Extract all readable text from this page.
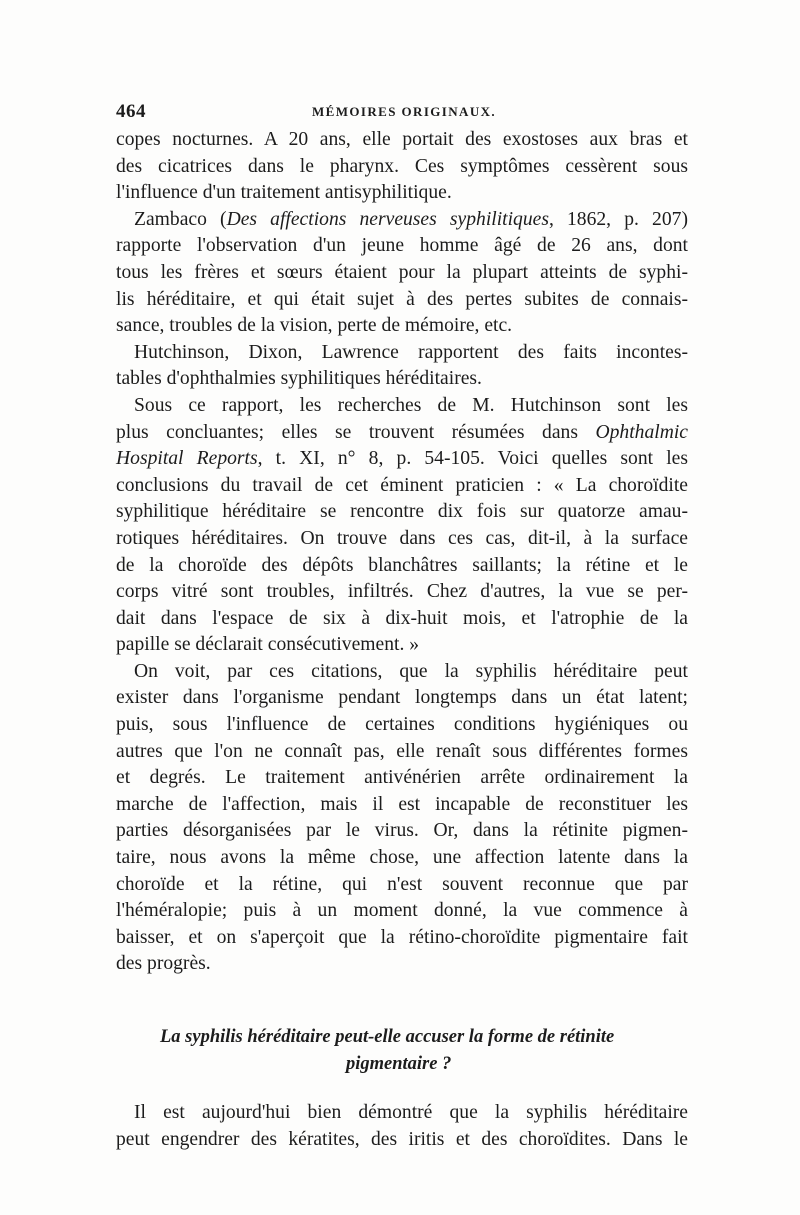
464	MÉMOIRES ORIGINAUX.
copes nocturnes. A 20 ans, elle portait des exostoses aux bras et
des cicatrices dans le pharynx. Ces symptômes cessèrent sous
l'influence d'un traitement antisyphilitique.
Zambaco (Des affections nerveuses syphilitiques, 1862, p. 207)
rapporte l'observation d'un jeune homme âgé de 26 ans, dont
tous les frères et sœurs étaient pour la plupart atteints de syphi-
lis héréditaire, et qui était sujet à des pertes subites de connais-
sance, troubles de la vision, perte de mémoire, etc.
Hutchinson, Dixon, Lawrence rapportent des faits incontes-
tables d'ophthalmies syphilitiques héréditaires.
Sous ce rapport, les recherches de M. Hutchinson sont les
plus concluantes; elles se trouvent résumées dans Ophthalmic
Hospital Reports, t. XI, n° 8, p. 54-105. Voici quelles sont les
conclusions du travail de cet éminent praticien : « La choroïdite
syphilitique héréditaire se rencontre dix fois sur quatorze amau-
rotiques héréditaires. On trouve dans ces cas, dit-il, à la surface
de la choroïde des dépôts blanchâtres saillants; la rétine et le
corps vitré sont troubles, infiltrés. Chez d'autres, la vue se per-
dait dans l'espace de six à dix-huit mois, et l'atrophie de la
papille se déclarait consécutivement. »
On voit, par ces citations, que la syphilis héréditaire peut
exister dans l'organisme pendant longtemps dans un état latent;
puis, sous l'influence de certaines conditions hygiéniques ou
autres que l'on ne connaît pas, elle renaît sous différentes formes
et degrés. Le traitement antivénérien arrête ordinairement la
marche de l'affection, mais il est incapable de reconstituer les
parties désorganisées par le virus. Or, dans la rétinite pigmen-
taire, nous avons la même chose, une affection latente dans la
choroïde et la rétine, qui n'est souvent reconnue que par
l'héméralopie; puis à un moment donné, la vue commence à
baisser, et on s'aperçoit que la rétino-choroïdite pigmentaire fait
des progrès.
La syphilis héréditaire peut-elle accuser la forme de rétinite
pigmentaire ?
Il est aujourd'hui bien démontré que la syphilis héréditaire
peut engendrer des kératites, des iritis et des choroïdites. Dans le
